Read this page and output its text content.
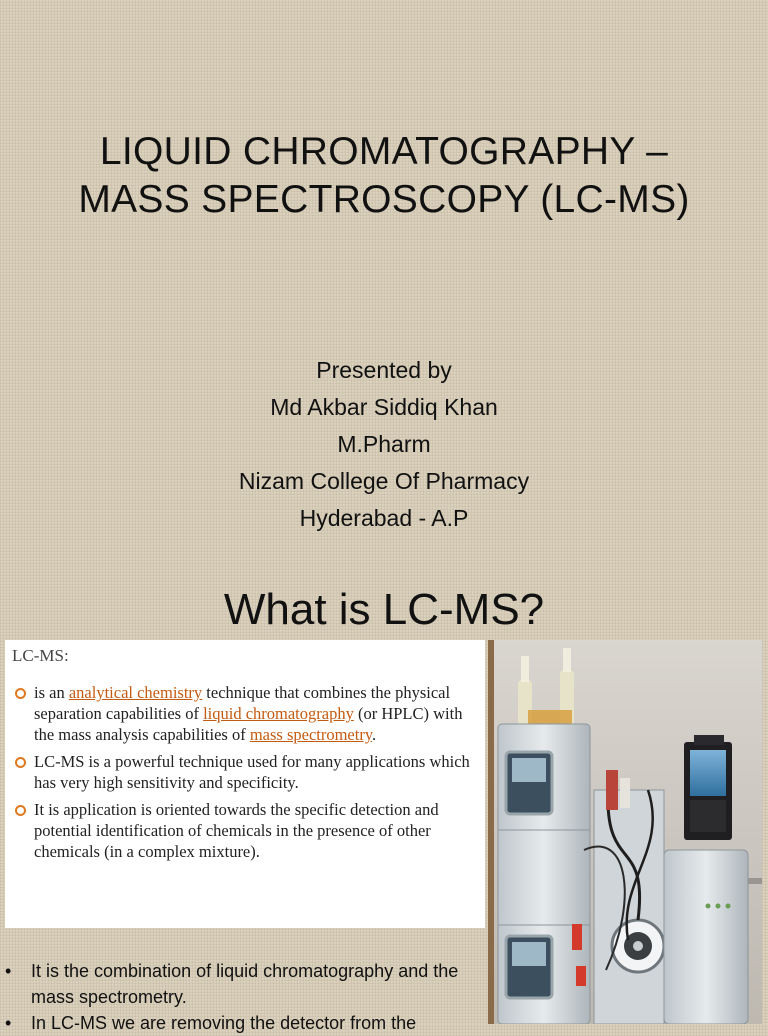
LIQUID CHROMATOGRAPHY –
MASS SPECTROSCOPY (LC-MS)
Presented by
Md Akbar Siddiq Khan
M.Pharm
Nizam College Of Pharmacy
Hyderabad - A.P
What is LC-MS?
LC-MS:
is an analytical chemistry technique that combines the physical separation capabilities of liquid chromatography (or HPLC) with the mass analysis capabilities of mass spectrometry.
LC-MS is a powerful technique used for many applications which has very high sensitivity and specificity.
It is application is oriented towards the specific detection and potential identification of chemicals in the presence of other chemicals (in a complex mixture).
• It is the combination of liquid chromatography and the mass spectrometry.
• In LC-MS we are removing the detector from the
